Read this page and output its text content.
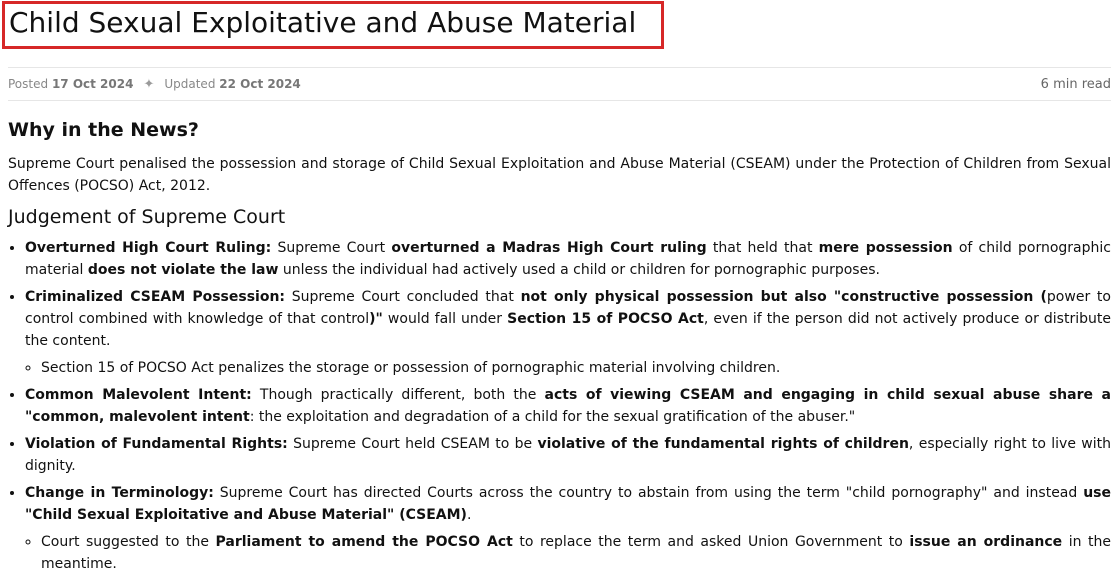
Child Sexual Exploitative and Abuse Material
Posted
17 Oct 2024 ✦ Updated
22 Oct 2024	6 min read
Why in the News?

Supreme Court penalised the possession and storage of Child Sexual Exploitation and Abuse Material (CSEAM) under the Protection of Children from Sexual Offences (POCSO) Act, 2012.

Judgement of Supreme Court
• Overturned High Court Ruling: Supreme Court overturned a Madras High Court ruling that held that mere possession of child pornographic material does not violate the law unless the individual had actively used a child or children for pornographic purposes.
• Criminalized CSEAM Possession: Supreme Court concluded that not only physical possession but also "constructive possession (power to control combined with knowledge of that control)" would fall under Section 15 of POCSO Act, even if the person did not actively produce or distribute the content.
◦ Section 15 of POCSO Act penalizes the storage or possession of pornographic material involving children.
• Common Malevolent Intent: Though practically different, both the acts of viewing CSEAM and engaging in child sexual abuse share a "common, malevolent intent: the exploitation and degradation of a child for the sexual gratification of the abuser."
• Violation of Fundamental Rights: Supreme Court held CSEAM to be violative of the fundamental rights of children, especially right to live with dignity.
• Change in Terminology: Supreme Court has directed Courts across the country to abstain from using the term "child pornography" and instead use "Child Sexual Exploitative and Abuse Material" (CSEAM).
◦ Court suggested to the Parliament to amend the POCSO Act to replace the term and asked Union Government to issue an ordinance in the meantime.
